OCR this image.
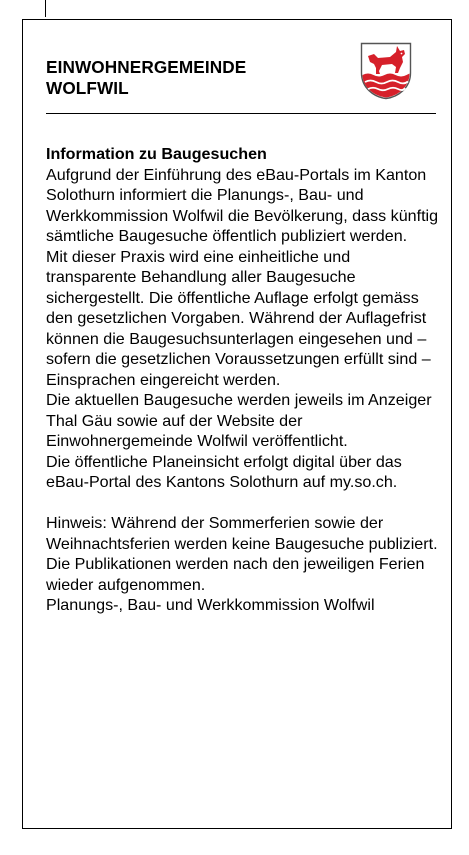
EINWOHNERGEMEINDE
WOLFWIL

Information zu Baugesuchen

Aufgrund der Einführung des eBau-Portals im Kanton Solothurn informiert die Planungs-, Bau- und Werkkommission Wolfwil die Bevölkerung, dass künftig sämtliche Baugesuche öffentlich publiziert werden.

Mit dieser Praxis wird eine einheitliche und transparente Behandlung aller Baugesuche sichergestellt. Die öffentliche Auflage erfolgt gemäss den gesetzlichen Vorgaben. Während der Auflagefrist können die Baugesuchsunterlagen eingesehen und – sofern die gesetzlichen Voraussetzungen erfüllt sind – Einsprachen eingereicht werden.

Die aktuellen Baugesuche werden jeweils im Anzeiger Thal Gäu sowie auf der Website der Einwohnergemeinde Wolfwil veröffentlicht.

Die öffentliche Planeinsicht erfolgt digital über das eBau-Portal des Kantons Solothurn auf my.so.ch.

Hinweis: Während der Sommerferien sowie der Weihnachtsferien werden keine Baugesuche publiziert. Die Publikationen werden nach den jeweiligen Ferien wieder aufgenommen.

Planungs-, Bau- und Werkkommission Wolfwil
